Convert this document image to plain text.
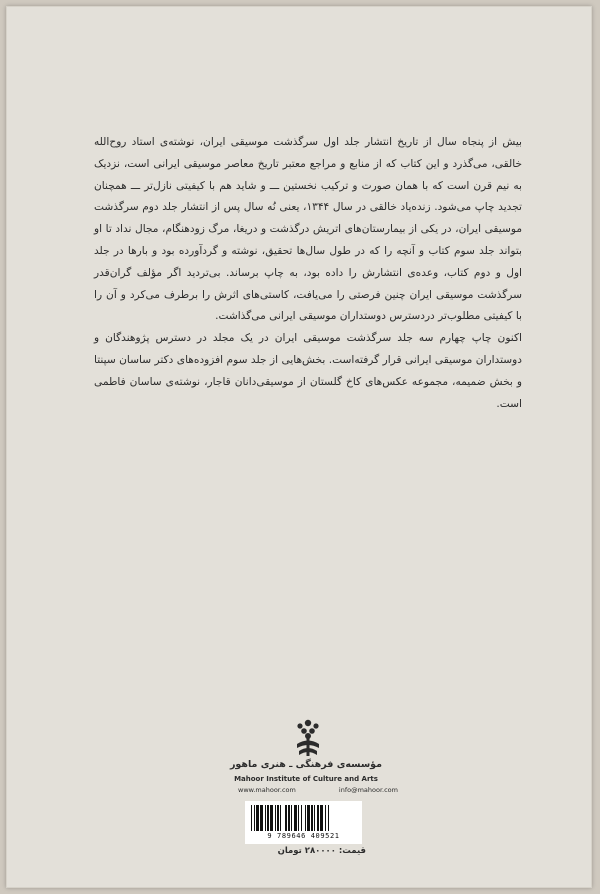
بیش از پنجاه سال از تاریخ انتشار جلد اول سرگذشت موسیقی ایران، نوشته‌ی استاد روح‌الله خالقی، می‌گذرد و این کتاب که از منابع و مراجع معتبر تاریخ معاصر موسیقی ایرانی است، نزدیک به نیم قرن است که با همان صورت و ترکیب نخستین ـــ و شاید هم با کیفیتی نازل‌تر ـــ همچنان تجدید چاپ می‌شود. زنده‌یاد خالقی در سال ۱۳۴۴، یعنی نُه سال پس از انتشار جلد دوم سرگذشت موسیقی ایران، در یکی از بیمارستان‌های اتریش درگذشت و دریغا، مرگ زودهنگام، مجال نداد تا او بتواند جلد سوم کتاب و آنچه را که در طول سال‌ها تحقیق، نوشته و گردآورده بود و بارها در جلد اول و دوم کتاب، وعده‌ی انتشارش را داده بود، به چاپ برساند. بی‌تردید اگر مؤلف گران‌قدر سرگذشت موسیقی ایران چنین فرصتی را می‌یافت، کاستی‌های اثرش را برطرف می‌کرد و آن را با کیفیتی مطلوب‌تر دردسترس دوستداران موسیقی ایرانی می‌گذاشت.

اکنون چاپ چهارم سه جلد سرگذشت موسیقی ایران در یک مجلد در دسترس پژوهندگان و دوستداران موسیقی ایرانی قرار گرفته‌است. بخش‌هایی از جلد سوم افزوده‌های دکتر ساسان سپنتا و بخش ضمیمه، مجموعه عکس‌های کاخ گلستان از موسیقی‌دانان قاجار، نوشته‌ی ساسان فاطمی است.

مؤسسه‌ی فرهنگی ـ هنری ماهور
Mahoor Institute of Culture and Arts
www.mahoor.com	info@mahoor.com
9 789646 409521
قیمت: ۲۸۰۰۰۰ تومان
